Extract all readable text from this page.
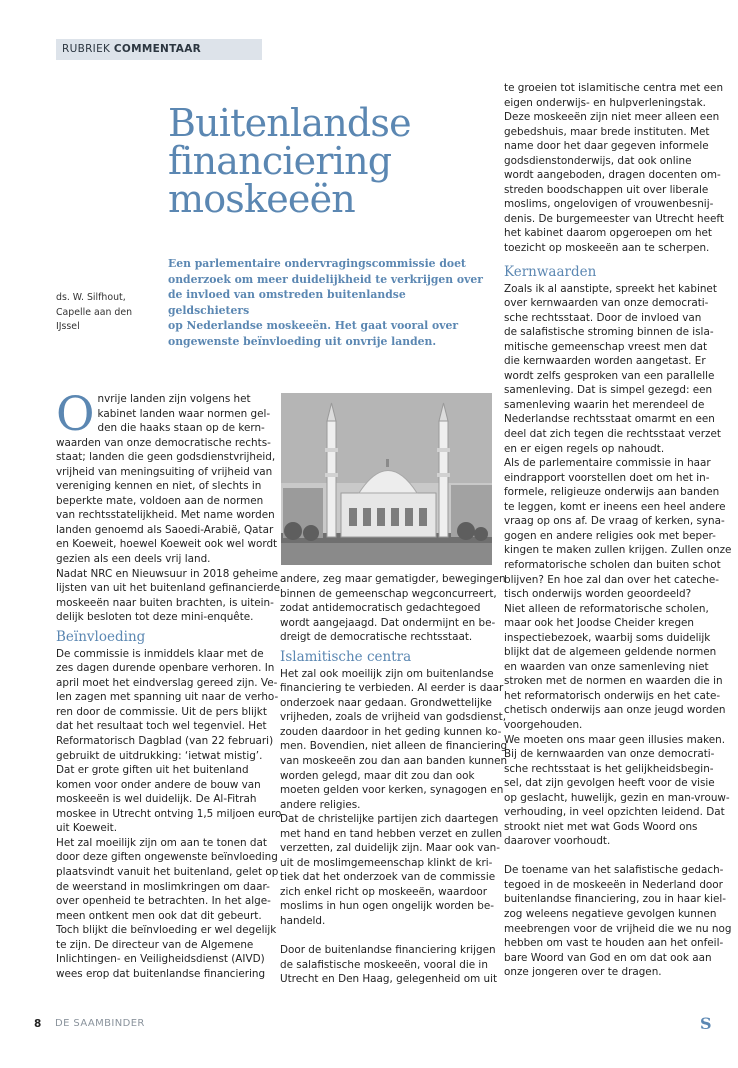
RUBRIEK COMMENTAAR
Buitenlandse
financiering
moskeeën
Een parlementaire ondervragingscommissie doet
onderzoek om meer duidelijkheid te verkrijgen over
de invloed van omstreden buitenlandse geldschieters
op Nederlandse moskeeën. Het gaat vooral over
ongewenste beïnvloeding uit onvrije landen.
ds. W. Silfhout,
Capelle aan den
IJssel
O nvrije landen zijn volgens het

kabinet landen waar normen gel-

den die haaks staan op de kern-

waarden van onze democratische rechts-

staat; landen die geen godsdienstvrijheid,

vrijheid van meningsuiting of vrijheid van

vereniging kennen en niet, of slechts in

beperkte mate, voldoen aan de normen

van rechtsstatelijkheid. Met name worden

landen genoemd als Saoedi-Arabië, Qatar

en Koeweit, hoewel Koeweit ook wel wordt

gezien als een deels vrij land.

Nadat NRC en Nieuwsuur in 2018 geheime

lijsten van uit het buitenland gefinancierde

moskeeën naar buiten brachten, is uitein-

delijk besloten tot deze mini-enquête.

Beïnvloeding

De commissie is inmiddels klaar met de

zes dagen durende openbare verhoren. In

april moet het eindverslag gereed zijn. Ve-

len zagen met spanning uit naar de verho-

ren door de commissie. Uit de pers blijkt

dat het resultaat toch wel tegenviel. Het

Reformatorisch Dagblad (van 22 februari)

gebruikt de uitdrukking: ‘ietwat mistig’.

Dat er grote giften uit het buitenland

komen voor onder andere de bouw van

moskeeën is wel duidelijk. De Al-Fitrah

moskee in Utrecht ontving 1,5 miljoen euro

uit Koeweit.

Het zal moeilijk zijn om aan te tonen dat

door deze giften ongewenste beïnvloeding

plaatsvindt vanuit het buitenland, gelet op

de weerstand in moslimkringen om daar-

over openheid te betrachten. In het alge-

meen ontkent men ook dat dit gebeurt.

Toch blijkt die beïnvloeding er wel degelijk

te zijn. De directeur van de Algemene

Inlichtingen- en Veiligheidsdienst (AIVD)

wees erop dat buitenlandse financiering

andere, zeg maar gematigder, bewegingen

binnen de gemeenschap wegconcurreert,

zodat antidemocratisch gedachtegoed

wordt aangejaagd. Dat ondermijnt en be-

dreigt de democratische rechtsstaat.

Islamitische centra

Het zal ook moeilijk zijn om buitenlandse

financiering te verbieden. Al eerder is daar

onderzoek naar gedaan. Grondwettelijke

vrijheden, zoals de vrijheid van godsdienst,

zouden daardoor in het geding kunnen ko-

men. Bovendien, niet alleen de financiering

van moskeeën zou dan aan banden kunnen

worden gelegd, maar dit zou dan ook

moeten gelden voor kerken, synagogen en

andere religies.

Dat de christelijke partijen zich daartegen

met hand en tand hebben verzet en zullen

verzetten, zal duidelijk zijn. Maar ook van-

uit de moslimgemeenschap klinkt de kri-

tiek dat het onderzoek van de commissie

zich enkel richt op moskeeën, waardoor

moslims in hun ogen ongelijk worden be-

handeld.

Door de buitenlandse financiering krijgen

de salafistische moskeeën, vooral die in

Utrecht en Den Haag, gelegenheid om uit

te groeien tot islamitische centra met een

eigen onderwijs- en hulpverleningstak.

Deze moskeeën zijn niet meer alleen een

gebedshuis, maar brede instituten. Met

name door het daar gegeven informele

godsdienstonderwijs, dat ook online

wordt aangeboden, dragen docenten om-

streden boodschappen uit over liberale

moslims, ongelovigen of vrouwenbesnij-

denis. De burgemeester van Utrecht heeft

het kabinet daarom opgeroepen om het

toezicht op moskeeën aan te scherpen.

Kernwaarden

Zoals ik al aanstipte, spreekt het kabinet

over kernwaarden van onze democrati-

sche rechtsstaat. Door de invloed van

de salafistische stroming binnen de isla-

mitische gemeenschap vreest men dat

die kernwaarden worden aangetast. Er

wordt zelfs gesproken van een parallelle

samenleving. Dat is simpel gezegd: een

samenleving waarin het merendeel de

Nederlandse rechtsstaat omarmt en een

deel dat zich tegen die rechtsstaat verzet

en er eigen regels op nahoudt.

Als de parlementaire commissie in haar

eindrapport voorstellen doet om het in-

formele, religieuze onderwijs aan banden

te leggen, komt er ineens een heel andere

vraag op ons af. De vraag of kerken, syna-

gogen en andere religies ook met beper-

kingen te maken zullen krijgen. Zullen onze

reformatorische scholen dan buiten schot

blijven? En hoe zal dan over het catechе-

tisch onderwijs worden geoordeeld?

Niet alleen de reformatorische scholen,

maar ook het Joodse Cheider kregen

inspectiebezoek, waarbij soms duidelijk

blijkt dat de algemeen geldende normen

en waarden van onze samenleving niet

stroken met de normen en waarden die in

het reformatorisch onderwijs en het cate-

chetisch onderwijs aan onze jeugd worden

voorgehouden.

We moeten ons maar geen illusies maken.

Bij de kernwaarden van onze democrati-

sche rechtsstaat is het gelijkheidsbegin-

sel, dat zijn gevolgen heeft voor de visie

op geslacht, huwelijk, gezin en man-vrouw-

verhouding, in veel opzichten leidend. Dat

strookt niet met wat Gods Woord ons

daarover voorhoudt.

De toename van het salafistische gedach-

tegoed in de moskeeën in Nederland door

buitenlandse financiering, zou in haar kiel-

zog weleens negatieve gevolgen kunnen

meebrengen voor de vrijheid die we nu nog

hebben om vast te houden aan het onfeil-

bare Woord van God en om dat ook aan

onze jongeren over te dragen.

S
8 DE SAAMBINDER
